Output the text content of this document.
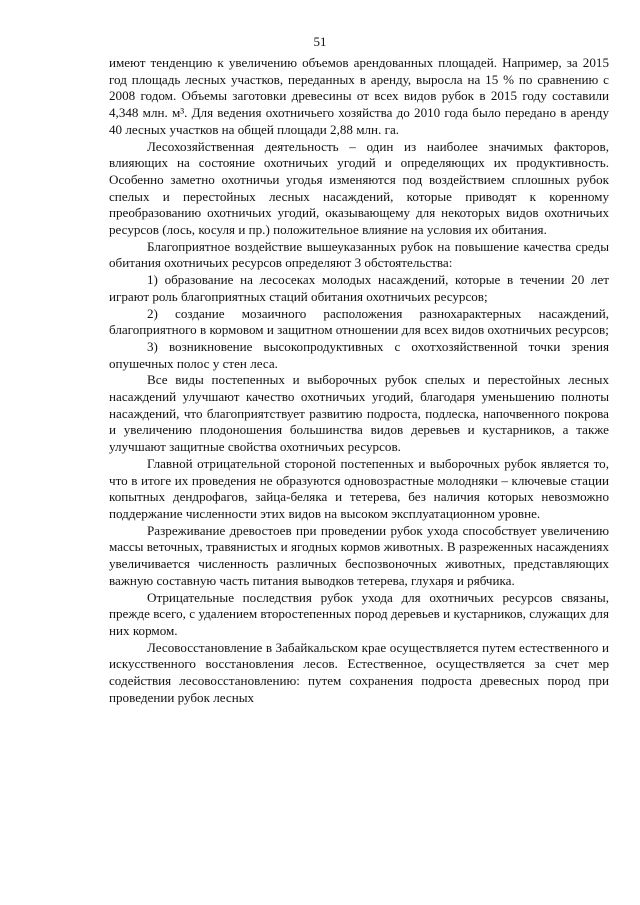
51

имеют тенденцию к увеличению объемов арендованных площадей. Например, за 2015 год площадь лесных участков, переданных в аренду, выросла на 15 % по сравнению с 2008 годом. Объемы заготовки древесины от всех видов рубок в 2015 году составили 4,348 млн. м³. Для ведения охотничьего хозяйства до 2010 года было передано в аренду 40 лесных участков на общей площади 2,88 млн. га.

Лесохозяйственная деятельность – один из наиболее значимых факторов, влияющих на состояние охотничьих угодий и определяющих их продуктивность. Особенно заметно охотничьи угодья изменяются под воздействием сплошных рубок спелых и перестойных лесных насаждений, которые приводят к коренному преобразованию охотничьих угодий, оказывающему для некоторых видов охотничьих ресурсов (лось, косуля и пр.) положительное влияние на условия их обитания.

Благоприятное воздействие вышеуказанных рубок на повышение качества среды обитания охотничьих ресурсов определяют 3 обстоятельства:

1) образование на лесосеках молодых насаждений, которые в течении 20 лет играют роль благоприятных стаций обитания охотничьих ресурсов;

2) создание мозаичного расположения разнохарактерных насаждений, благоприятного в кормовом и защитном отношении для всех видов охотничьих ресурсов;

3) возникновение высокопродуктивных с охотхозяйственной точки зрения опушечных полос у стен леса.

Все виды постепенных и выборочных рубок спелых и перестойных лесных насаждений улучшают качество охотничьих угодий, благодаря уменьшению полноты насаждений, что благоприятствует развитию подроста, подлеска, напочвенного покрова и увеличению плодоношения большинства видов деревьев и кустарников, а также улучшают защитные свойства охотничьих ресурсов.

Главной отрицательной стороной постепенных и выборочных рубок является то, что в итоге их проведения не образуются одновозрастные молодняки – ключевые стации копытных дендрофагов, зайца-беляка и тетерева, без наличия которых невозможно поддержание численности этих видов на высоком эксплуатационном уровне.

Разреживание древостоев при проведении рубок ухода способствует увеличению массы веточных, травянистых и ягодных кормов животных. В разреженных насаждениях увеличивается численность различных беспозвоночных животных, представляющих важную составную часть питания выводков тетерева, глухаря и рябчика.

Отрицательные последствия рубок ухода для охотничьих ресурсов связаны, прежде всего, с удалением второстепенных пород деревьев и кустарников, служащих для них кормом.

Лесовосстановление в Забайкальском крае осуществляется путем естественного и искусственного восстановления лесов. Естественное, осуществляется за счет мер содействия лесовосстановлению: путем сохранения подроста древесных пород при проведении рубок лесных
